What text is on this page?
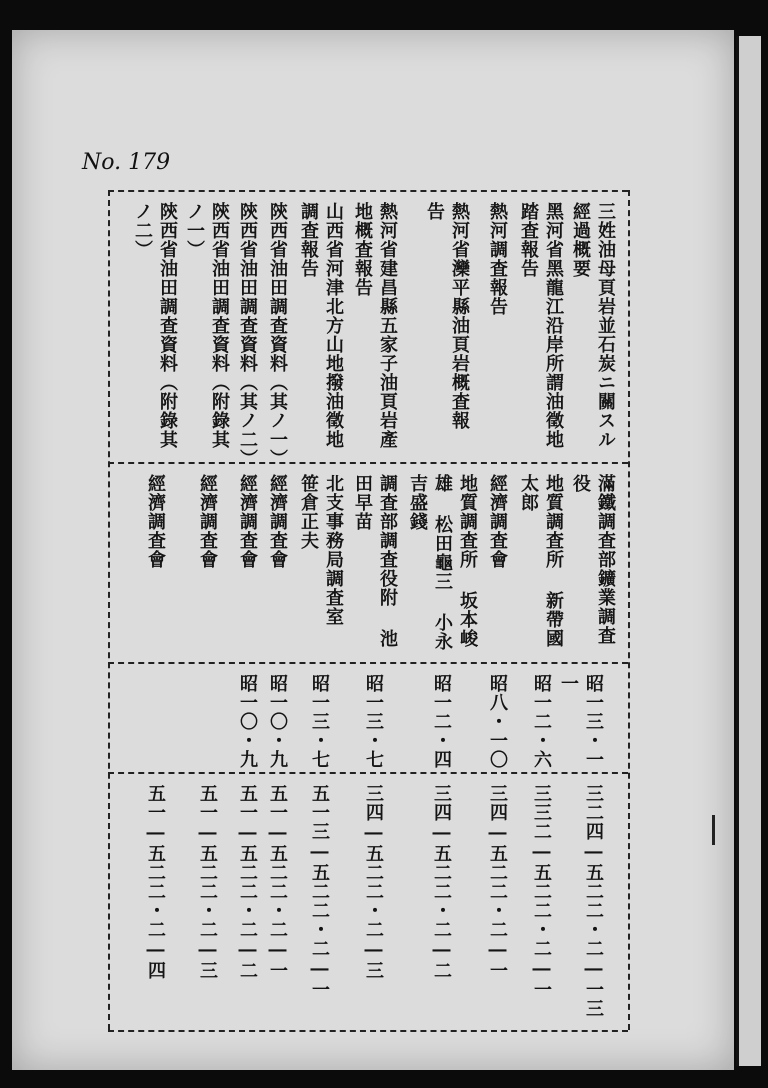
No. 179
三姓油母頁岩並石炭ニ關スル經過概要
滿鐵調査部鑛業調査役
昭一三・一一
三二四―五二二・二―一三
黑河省黑龍江沿岸所謂油徵地踏査報告
地質調査所 新帶國太郎
昭一二・六
三三二―五二二・二―一
熱河調査報告
經濟調査會
昭八・一〇
三四―五二二・二―一
熱河省灤平縣油頁岩概査報告
地質調査所 坂本峻雄 松田龜三 小永吉盛錢
昭一二・四
三四―五二二・二―二
熱河省建昌縣五家子油頁岩產地概査報告
調査部調査役附 池田早苗
昭一三・七
三四―五二二・二―三
山西省河津北方山地撥油徵地調査報告
北支事務局調査室 笹倉正夫
昭一三・七
五一三―五二二・二―一
陝西省油田調査資料（其ノ一）
經濟調査會
昭一〇・九
五一―五二二・二―一
陝西省油田調査資料（其ノ二）
經濟調査會
昭一〇・九
五一―五二二・二―二
陝西省油田調査資料（附錄其ノ一）
經濟調査會
五一―五二二・二―三
陝西省油田調査資料（附錄其ノ二）
經濟調査會
五一―五二二・二―四
